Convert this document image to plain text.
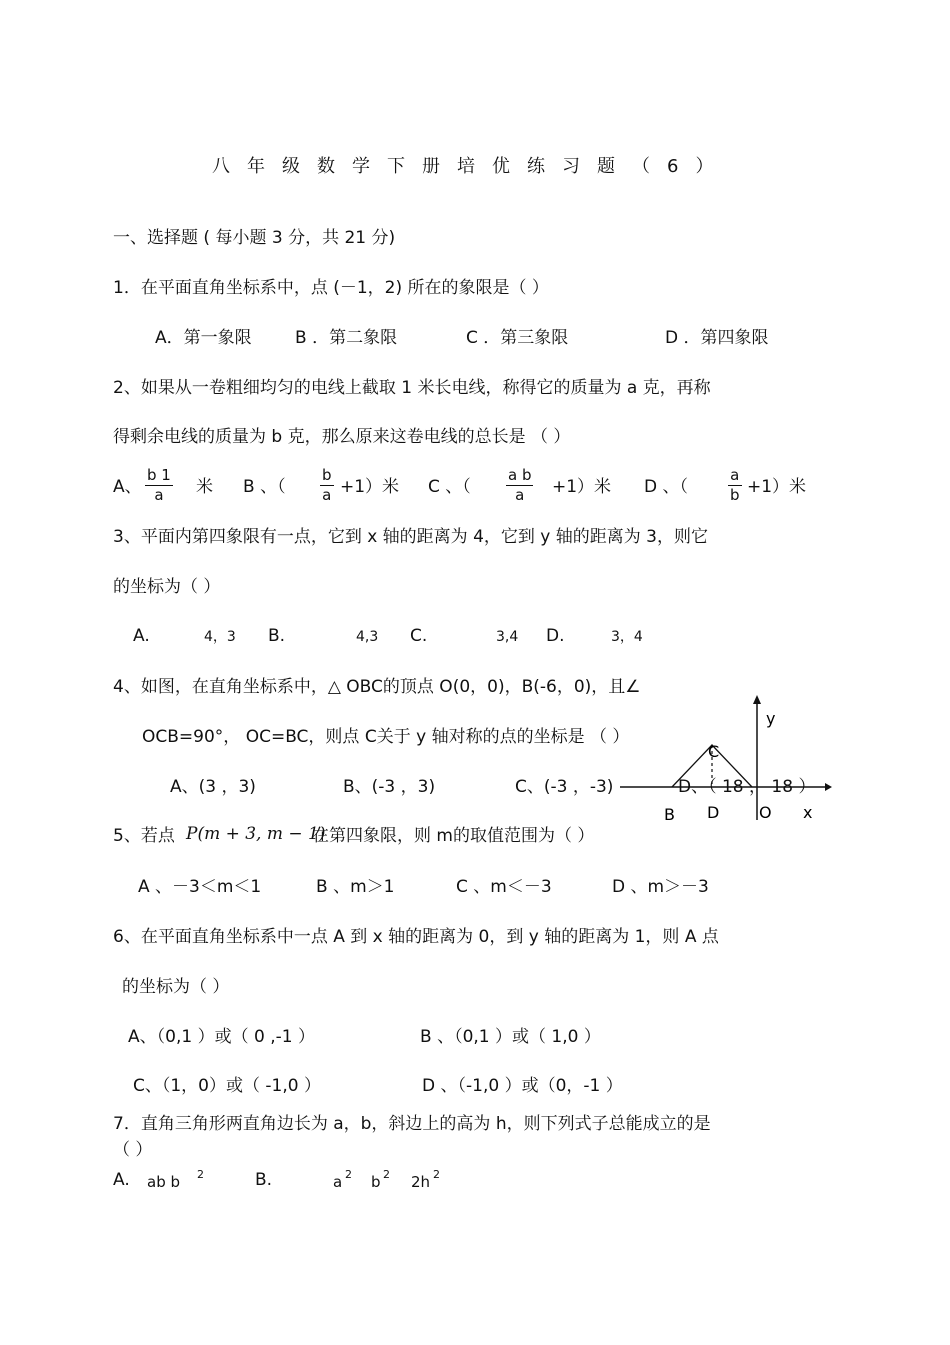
八年级数学下册培优练习题（6）
一、选择题 ( 每小题 3 分，共 21 分)
1．在平面直角坐标系中，点 (－1，2) 所在的象限是（ ）
A．第一象限	B ．第二象限	C ．第三象限	D ．第四象限
2、如果从一卷粗细均匀的电线上截取 1 米长电线，称得它的质量为 a 克，再称
得剩余电线的质量为 b 克，那么原来这卷电线的总长是 （ ）
A、
b 1
a	米 B 、（
b
a +1）米 C 、（
a b
a	+1）米 D 、（
a
b +1）米
3、平面内第四象限有一点，它到 x 轴的距离为 4，它到 y 轴的距离为 3，则它
的坐标为（ ）
A.	4，3 B.	4,3 C.	3,4 D.	3，4
4、如图，在直角坐标系中，△ OBC的顶点 O(0，0)，B(-6，0)，且∠
OCB=90°， OC=BC，则点 C关于 y 轴对称的点的坐标是 （ ）
A、(3 ，3)	B、(-3 ，3)	C、(-3 ，-3)	D、（ 18 ， 18 ）
y
x
C
B D O
5、若点 P(m + 3, m − 1)
在第四象限，则 m的取值范围为（ ）
A 、－3＜m＜1	B 、m＞1	C 、m＜－3	D 、m＞－3
6、在平面直角坐标系中一点 A 到 x 轴的距离为 0，到 y 轴的距离为 1，则 A 点
的坐标为（ ）
A、（0,1 ）或（ 0 ,-1 ）	B 、（0,1 ）或（ 1,0 ）
C、（1，0）或（ -1,0 ）	D 、（-1,0 ）或（0，-1 ）
7．直角三角形两直角边长为 a，b，斜边上的高为 h，则下列式子总能成立的是
（ ）
A. ab b 2	B.	a 2 b 2 2h 2
